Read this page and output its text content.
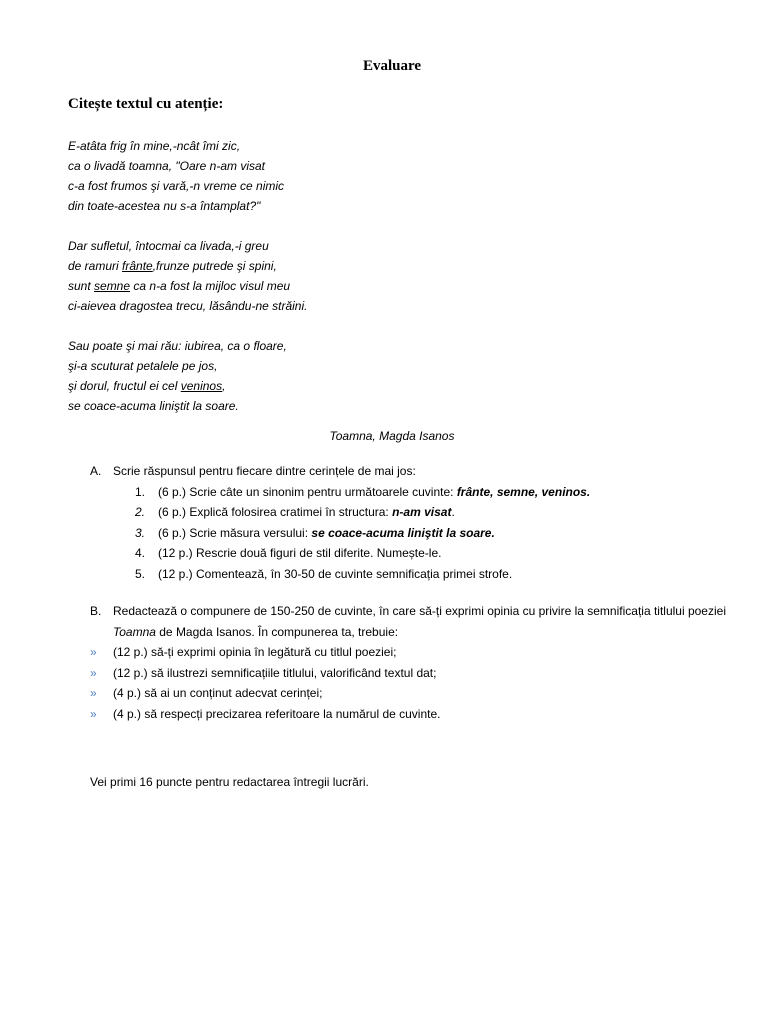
Evaluare
Citește textul cu atenție:
E-atâta frig în mine,-ncât îmi zic,
ca o livadă toamna, "Oare n-am visat
c-a fost frumos şi vară,-n vreme ce nimic
din toate-acestea nu s-a întamplat?"
Dar sufletul, întocmai ca livada,-i greu
de ramuri frânte,frunze putrede şi spini,
sunt semne ca n-a fost la mijloc visul meu
ci-aievea dragostea trecu, lăsându-ne străini.
Sau poate şi mai rău: iubirea, ca o floare,
şi-a scuturat petalele pe jos,
şi dorul, fructul ei cel veninos,
se coace-acuma liniştit la soare.
Toamna, Magda Isanos
A. Scrie răspunsul pentru fiecare dintre cerințele de mai jos:
1.	(6 p.) Scrie câte un sinonim pentru următoarele cuvinte: frânte, semne, veninos.
2.	(6 p.) Explică folosirea cratimei în structura: n-am visat.
3.	(6 p.) Scrie măsura versului: se coace-acuma liniştit la soare.
4.	(12 p.) Rescrie două figuri de stil diferite. Numește-le.
5.	(12 p.) Comentează, în 30-50 de cuvinte semnificația primei strofe.
B. Redactează o compunere de 150-250 de cuvinte, în care să-ți exprimi opinia cu privire la semnificația titlului poeziei Toamna de Magda Isanos. În compunerea ta, trebuie:
» (12 p.) să-ți exprimi opinia în legătură cu titlul poeziei;
» (12 p.) să ilustrezi semnificațiile titlului, valorificând textul dat;
» (4 p.) să ai un conținut adecvat cerinței;
» (4 p.) să respecți precizarea referitoare la numărul de cuvinte.
Vei primi 16 puncte pentru redactarea întregii lucrări.
